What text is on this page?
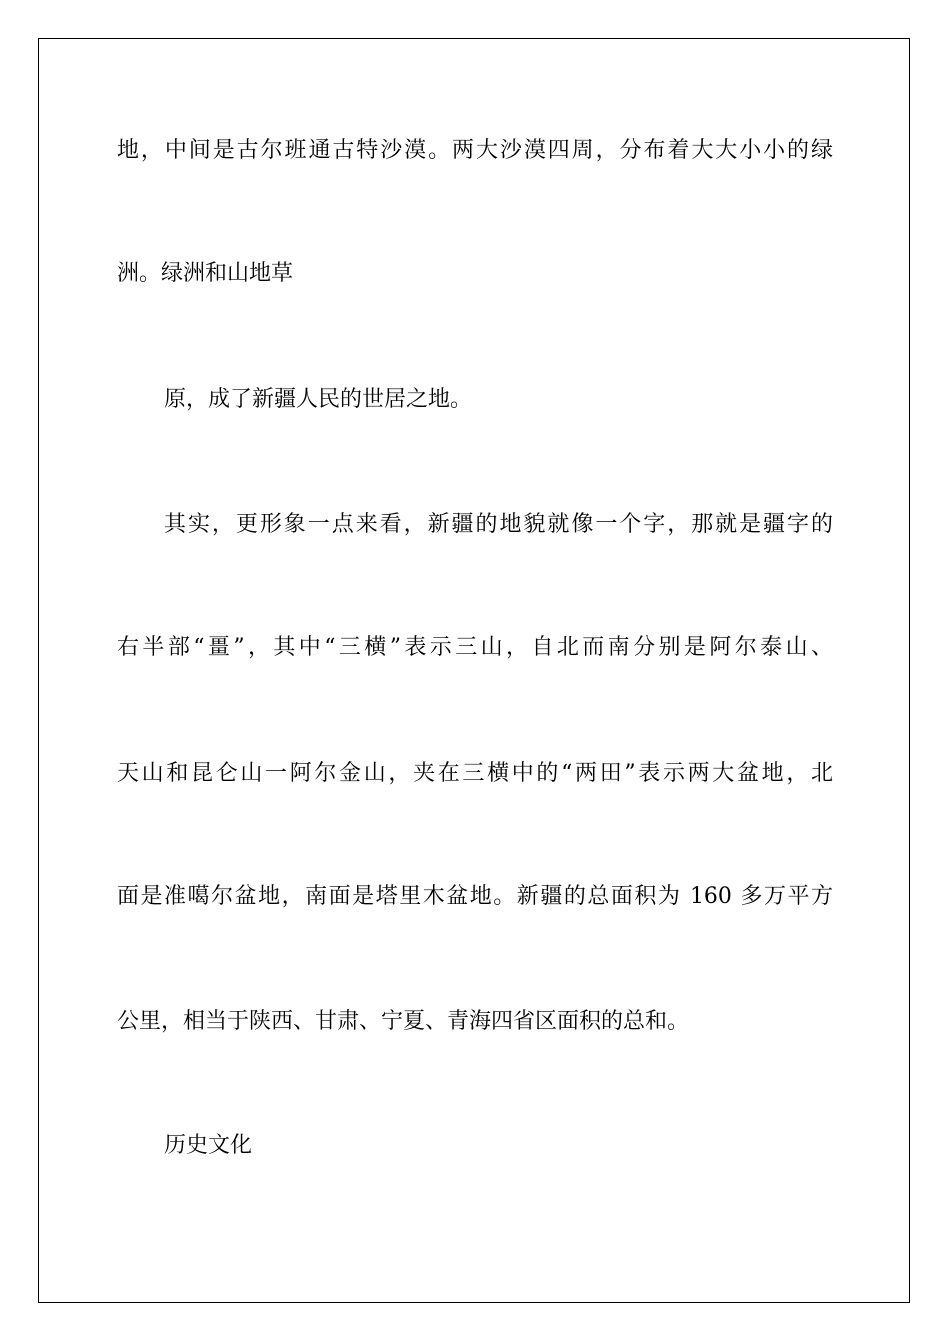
地，中间是古尔班通古特沙漠。两大沙漠四周，分布着大大小小的绿

洲。绿洲和山地草

原，成了新疆人民的世居之地。

其实，更形象一点来看，新疆的地貌就像一个字，那就是疆字的

右半部“畺”，其中“三横”表示三山，自北而南分别是阿尔泰山、

天山和昆仑山一阿尔金山，夹在三横中的“两田”表示两大盆地，北

面是准噶尔盆地，南面是塔里木盆地。新疆的总面积为 160 多万平方

公里，相当于陕西、甘肃、宁夏、青海四省区面积的总和。

历史文化
